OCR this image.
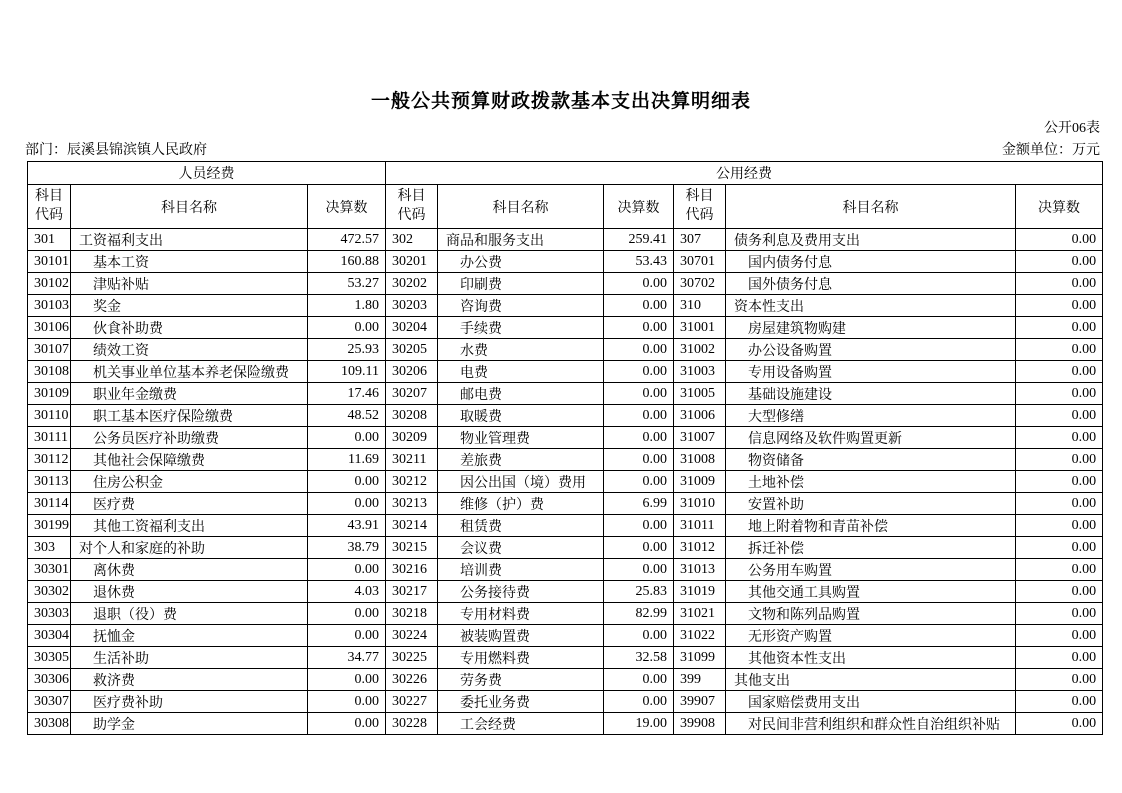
一般公共预算财政拨款基本支出决算明细表
公开06表
部门：辰溪县锦滨镇人民政府	金额单位：万元
人员经费			公用经费					
科目代码	科目名称	决算数	科目代码	科目名称	决算数	科目代码	科目名称	决算数
301	工资福利支出	472.57	302	商品和服务支出	259.41	307	债务利息及费用支出	0.00
30101	基本工资	160.88	30201	办公费	53.43	30701	国内债务付息	0.00
30102	津贴补贴	53.27	30202	印刷费	0.00	30702	国外债务付息	0.00
30103	奖金	1.80	30203	咨询费	0.00	310	资本性支出	0.00
30106	伙食补助费	0.00	30204	手续费	0.00	31001	房屋建筑物购建	0.00
30107	绩效工资	25.93	30205	水费	0.00	31002	办公设备购置	0.00
30108	机关事业单位基本养老保险缴费	109.11	30206	电费	0.00	31003	专用设备购置	0.00
30109	职业年金缴费	17.46	30207	邮电费	0.00	31005	基础设施建设	0.00
30110	职工基本医疗保险缴费	48.52	30208	取暖费	0.00	31006	大型修缮	0.00
30111	公务员医疗补助缴费	0.00	30209	物业管理费	0.00	31007	信息网络及软件购置更新	0.00
30112	其他社会保障缴费	11.69	30211	差旅费	0.00	31008	物资储备	0.00
30113	住房公积金	0.00	30212	因公出国（境）费用	0.00	31009	土地补偿	0.00
30114	医疗费	0.00	30213	维修（护）费	6.99	31010	安置补助	0.00
30199	其他工资福利支出	43.91	30214	租赁费	0.00	31011	地上附着物和青苗补偿	0.00
303	对个人和家庭的补助	38.79	30215	会议费	0.00	31012	拆迁补偿	0.00
30301	离休费	0.00	30216	培训费	0.00	31013	公务用车购置	0.00
30302	退休费	4.03	30217	公务接待费	25.83	31019	其他交通工具购置	0.00
30303	退职（役）费	0.00	30218	专用材料费	82.99	31021	文物和陈列品购置	0.00
30304	抚恤金	0.00	30224	被装购置费	0.00	31022	无形资产购置	0.00
30305	生活补助	34.77	30225	专用燃料费	32.58	31099	其他资本性支出	0.00
30306	救济费	0.00	30226	劳务费	0.00	399	其他支出	0.00
30307	医疗费补助	0.00	30227	委托业务费	0.00	39907	国家赔偿费用支出	0.00
30308	助学金	0.00	30228	工会经费	19.00	39908	对民间非营利组织和群众性自治组织补贴	0.00
